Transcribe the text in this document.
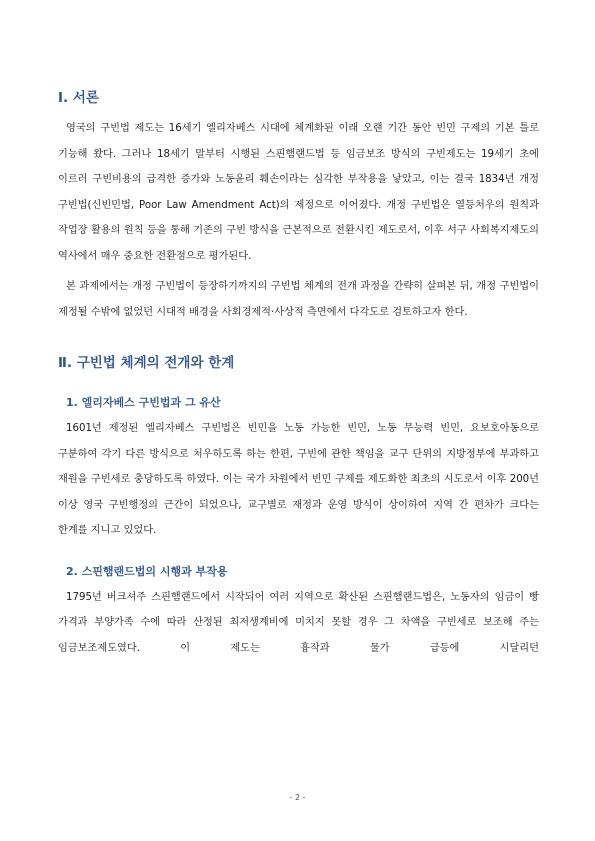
Ⅰ. 서론

영국의 구빈법 제도는 16세기 엘리자베스 시대에 체계화된 이래 오랜 기간 동안 빈민 구제의 기본 틀로 기능해 왔다. 그러나 18세기 말부터 시행된 스핀햄랜드법 등 임금보조 방식의 구빈제도는 19세기 초에 이르러 구빈비용의 급격한 증가와 노동윤리 훼손이라는 심각한 부작용을 낳았고, 이는 결국 1834년 개정 구빈법(신빈민법, Poor Law Amendment Act)의 제정으로 이어졌다. 개정 구빈법은 열등처우의 원칙과 작업장 활용의 원칙 등을 통해 기존의 구빈 방식을 근본적으로 전환시킨 제도로서, 이후 서구 사회복지제도의 역사에서 매우 중요한 전환점으로 평가된다.

본 과제에서는 개정 구빈법이 등장하기까지의 구빈법 체계의 전개 과정을 간략히 살펴본 뒤, 개정 구빈법이 제정될 수밖에 없었던 시대적 배경을 사회경제적·사상적 측면에서 다각도로 검토하고자 한다.

Ⅱ. 구빈법 체계의 전개와 한계
1. 엘리자베스 구빈법과 그 유산

1601년 제정된 엘리자베스 구빈법은 빈민을 노동 가능한 빈민, 노동 무능력 빈민, 요보호아동으로 구분하여 각기 다른 방식으로 처우하도록 하는 한편, 구빈에 관한 책임을 교구 단위의 지방정부에 부과하고 재원을 구빈세로 충당하도록 하였다. 이는 국가 차원에서 빈민 구제를 제도화한 최초의 시도로서 이후 200년 이상 영국 구빈행정의 근간이 되었으나, 교구별로 재정과 운영 방식이 상이하여 지역 간 편차가 크다는 한계를 지니고 있었다.

2. 스핀햄랜드법의 시행과 부작용

1795년 버크셔주 스핀햄랜드에서 시작되어 여러 지역으로 확산된 스핀햄랜드법은, 노동자의 임금이 빵 가격과 부양가족 수에 따라 산정된 최저생계비에 미치지 못할 경우 그 차액을 구빈세로 보조해 주는 임금보조제도였다. 이 제도는 흉작과 물가 급등에 시달리던

- 2 -
